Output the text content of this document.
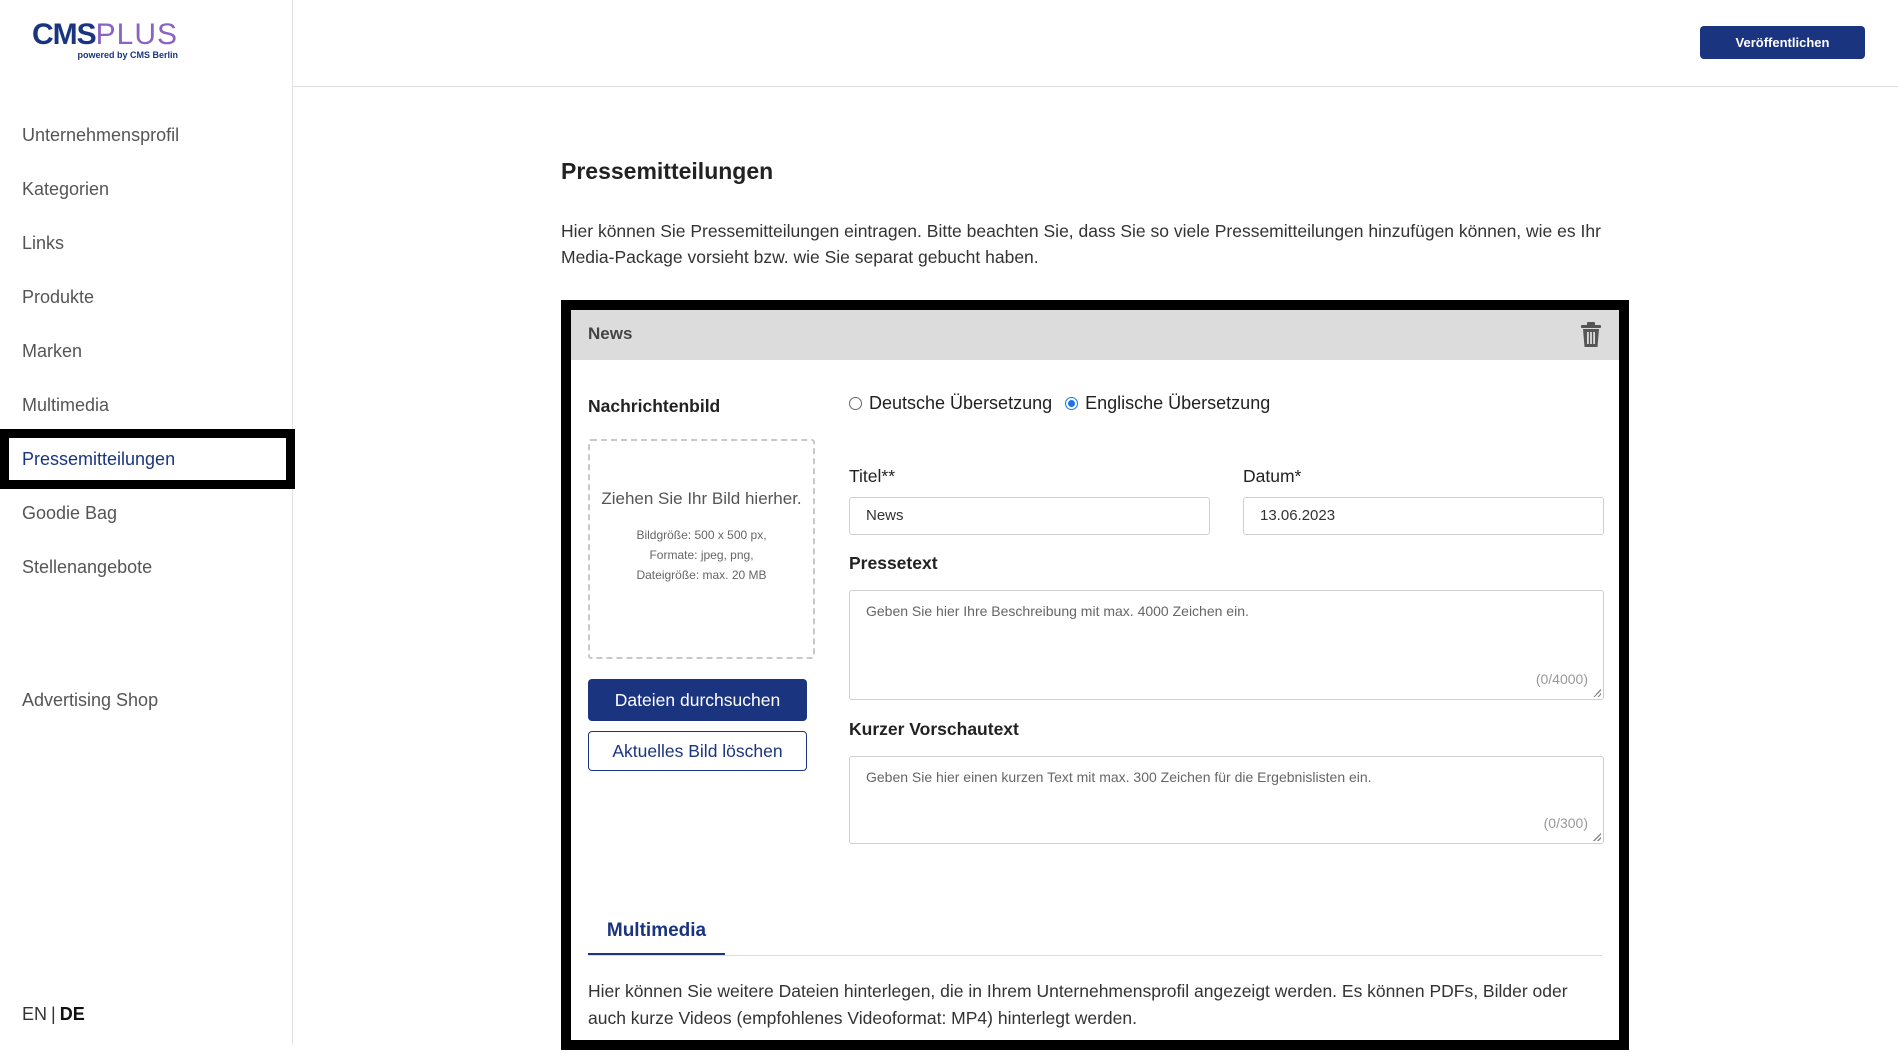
CMSPLUS
powered by CMS Berlin
Unternehmensprofil
Kategorien
Links
Produkte
Marken
Multimedia
Pressemitteilungen
Goodie Bag
Stellenangebote
Advertising Shop
EN | DE
Veröffentlichen
Pressemitteilungen

Hier können Sie Pressemitteilungen eintragen. Bitte beachten Sie, dass Sie so viele Pressemitteilungen hinzufügen können, wie es Ihr Media-Package vorsieht bzw. wie Sie separat gebucht haben.

News
Nachrichtenbild
Ziehen Sie Ihr Bild hierher.
Bildgröße: 500 x 500 px, Formate: jpeg, png, Dateigröße: max. 20 MB
Dateien durchsuchen
Aktuelles Bild löschen
Deutsche Übersetzung Englische Übersetzung
Titel**
News
Datum*
13.06.2023
Pressetext
Geben Sie hier Ihre Beschreibung mit max. 4000 Zeichen ein.
(0/4000)
Kurzer Vorschautext
Geben Sie hier einen kurzen Text mit max. 300 Zeichen für die Ergebnislisten ein.
(0/300)
Multimedia

Hier können Sie weitere Dateien hinterlegen, die in Ihrem Unternehmensprofil angezeigt werden. Es können PDFs, Bilder oder auch kurze Videos (empfohlenes Videoformat: MP4) hinterlegt werden.
